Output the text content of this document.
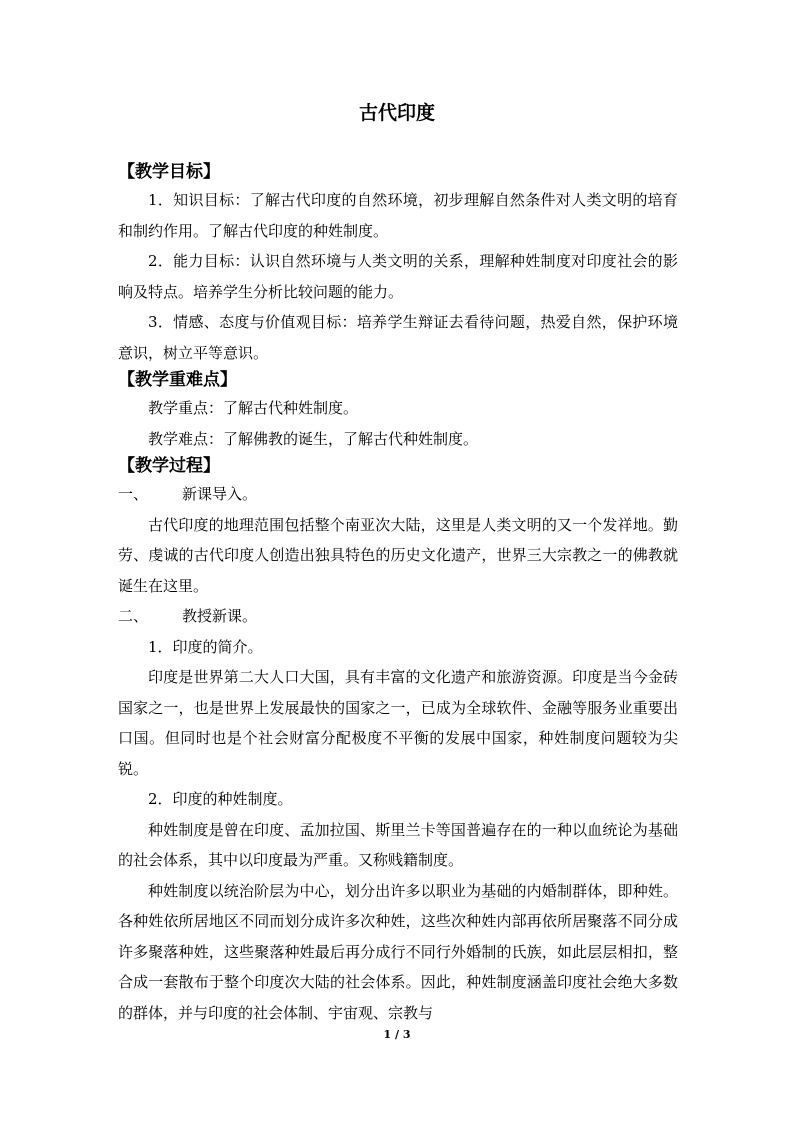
古代印度
【教学目标】
1．知识目标：了解古代印度的自然环境，初步理解自然条件对人类文明的培育和制约作用。了解古代印度的种姓制度。
2．能力目标：认识自然环境与人类文明的关系，理解种姓制度对印度社会的影响及特点。培养学生分析比较问题的能力。
3．情感、态度与价值观目标：培养学生辩证去看待问题，热爱自然，保护环境意识，树立平等意识。
【教学重难点】
教学重点：了解古代种姓制度。
教学难点：了解佛教的诞生，了解古代种姓制度。
【教学过程】
一、 新课导入。
古代印度的地理范围包括整个南亚次大陆，这里是人类文明的又一个发祥地。勤劳、虔诚的古代印度人创造出独具特色的历史文化遗产，世界三大宗教之一的佛教就诞生在这里。
二、 教授新课。
1．印度的简介。
印度是世界第二大人口大国，具有丰富的文化遗产和旅游资源。印度是当今金砖国家之一，也是世界上发展最快的国家之一，已成为全球软件、金融等服务业重要出口国。但同时也是个社会财富分配极度不平衡的发展中国家，种姓制度问题较为尖锐。
2．印度的种姓制度。
种姓制度是曾在印度、孟加拉国、斯里兰卡等国普遍存在的一种以血统论为基础的社会体系，其中以印度最为严重。又称贱籍制度。
种姓制度以统治阶层为中心，划分出许多以职业为基础的内婚制群体，即种姓。各种姓依所居地区不同而划分成许多次种姓，这些次种姓内部再依所居聚落不同分成许多聚落种姓，这些聚落种姓最后再分成行不同行外婚制的氏族，如此层层相扣，整合成一套散布于整个印度次大陆的社会体系。因此，种姓制度涵盖印度社会绝大多数的群体，并与印度的社会体制、宇宙观、宗教与
1 / 3
